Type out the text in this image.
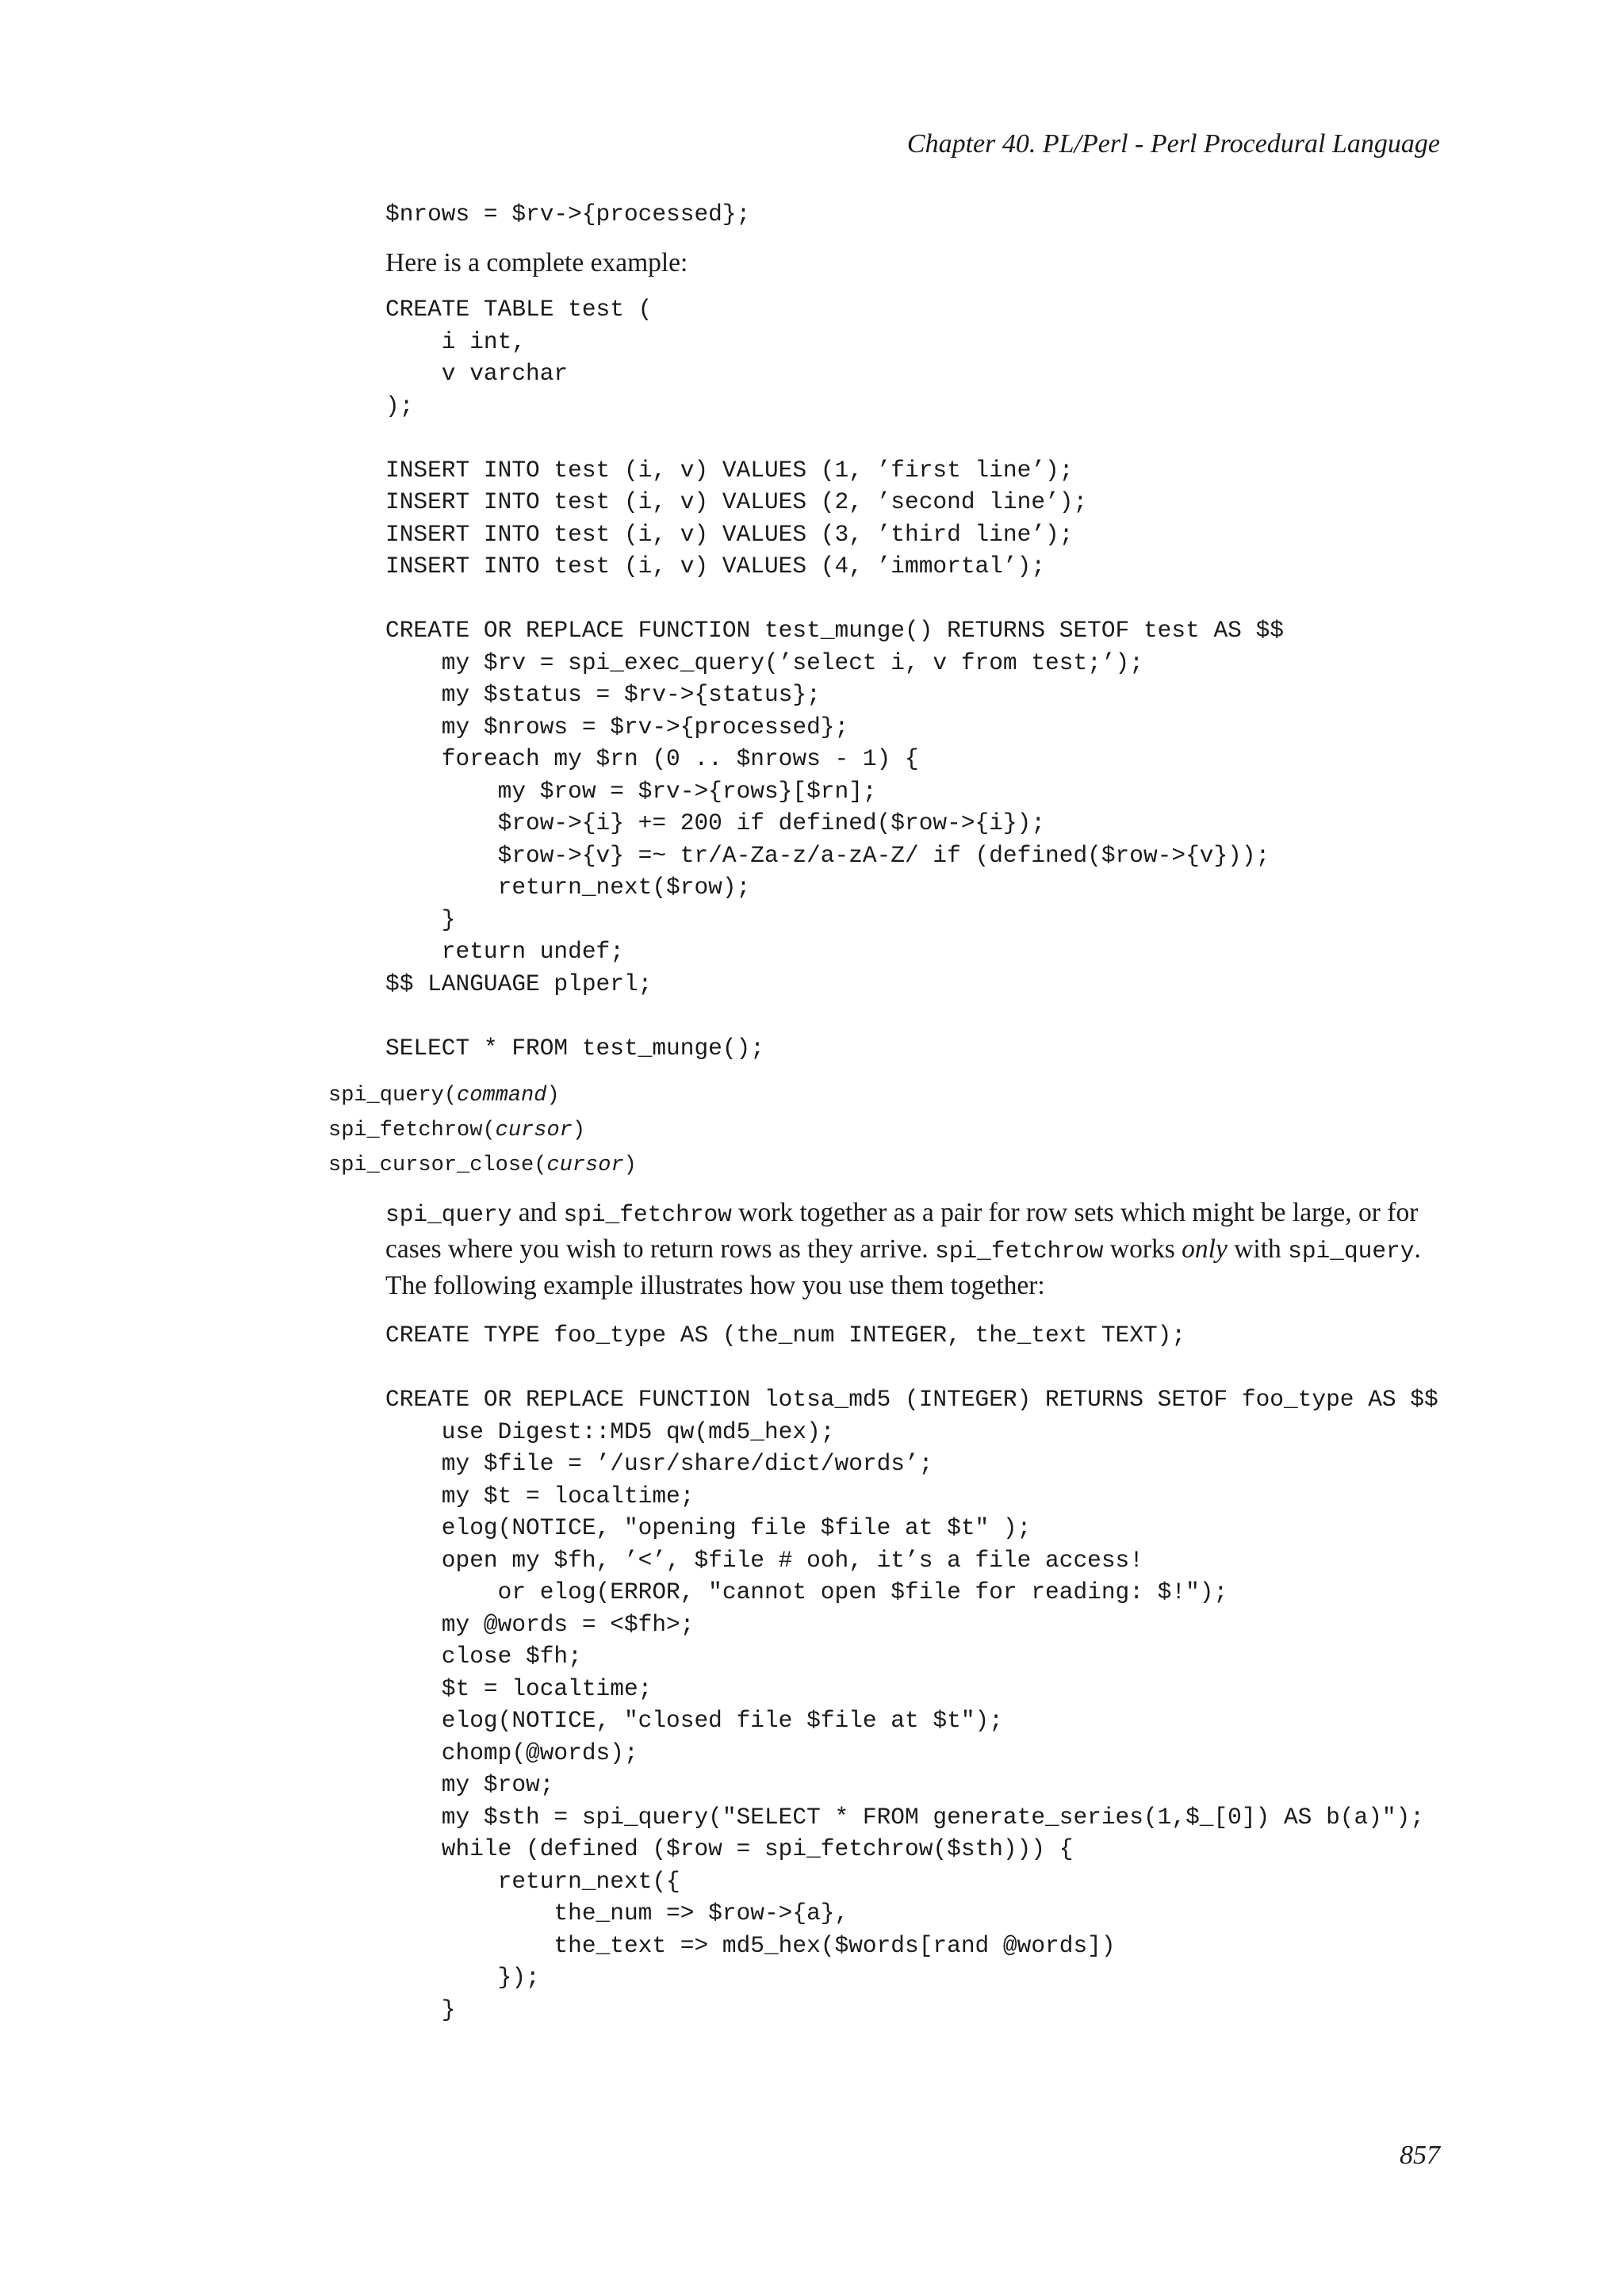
Chapter 40. PL/Perl - Perl Procedural Language
$nrows = $rv->{processed};

Here is a complete example:

CREATE TABLE test (
i int,
v varchar
);

INSERT INTO test (i, v) VALUES (1, ’first line’);
INSERT INTO test (i, v) VALUES (2, ’second line’);
INSERT INTO test (i, v) VALUES (3, ’third line’);
INSERT INTO test (i, v) VALUES (4, ’immortal’);

CREATE OR REPLACE FUNCTION test_munge() RETURNS SETOF test AS $$
my $rv = spi_exec_query(’select i, v from test;’);
my $status = $rv->{status};
my $nrows = $rv->{processed};
foreach my $rn (0 .. $nrows - 1) {
my $row = $rv->{rows}[$rn];
$row->{i} += 200 if defined($row->{i});
$row->{v} =~ tr/A-Za-z/a-zA-Z/ if (defined($row->{v}));
return_next($row);
}
return undef;
$$ LANGUAGE plperl;

SELECT * FROM test_munge();
spi_query(command)
spi_fetchrow(cursor)
spi_cursor_close(cursor)

spi_query and spi_fetchrow work together as a pair for row sets which might be large, or for cases where you wish to return rows as they arrive. spi_fetchrow works only with spi_query. The following example illustrates how you use them together:

CREATE TYPE foo_type AS (the_num INTEGER, the_text TEXT);

CREATE OR REPLACE FUNCTION lotsa_md5 (INTEGER) RETURNS SETOF foo_type AS $$
use Digest::MD5 qw(md5_hex);
my $file = ’/usr/share/dict/words’;
my $t = localtime;
elog(NOTICE, "opening file $file at $t" );
open my $fh, ’<’, $file # ooh, it’s a file access!
or elog(ERROR, "cannot open $file for reading: $!");
my @words = <$fh>;
close $fh;
$t = localtime;
elog(NOTICE, "closed file $file at $t");
chomp(@words);
my $row;
my $sth = spi_query("SELECT * FROM generate_series(1,$_[0]) AS b(a)");
while (defined ($row = spi_fetchrow($sth))) {
return_next({
the_num => $row->{a},
the_text => md5_hex($words[rand @words])
});
}
857
